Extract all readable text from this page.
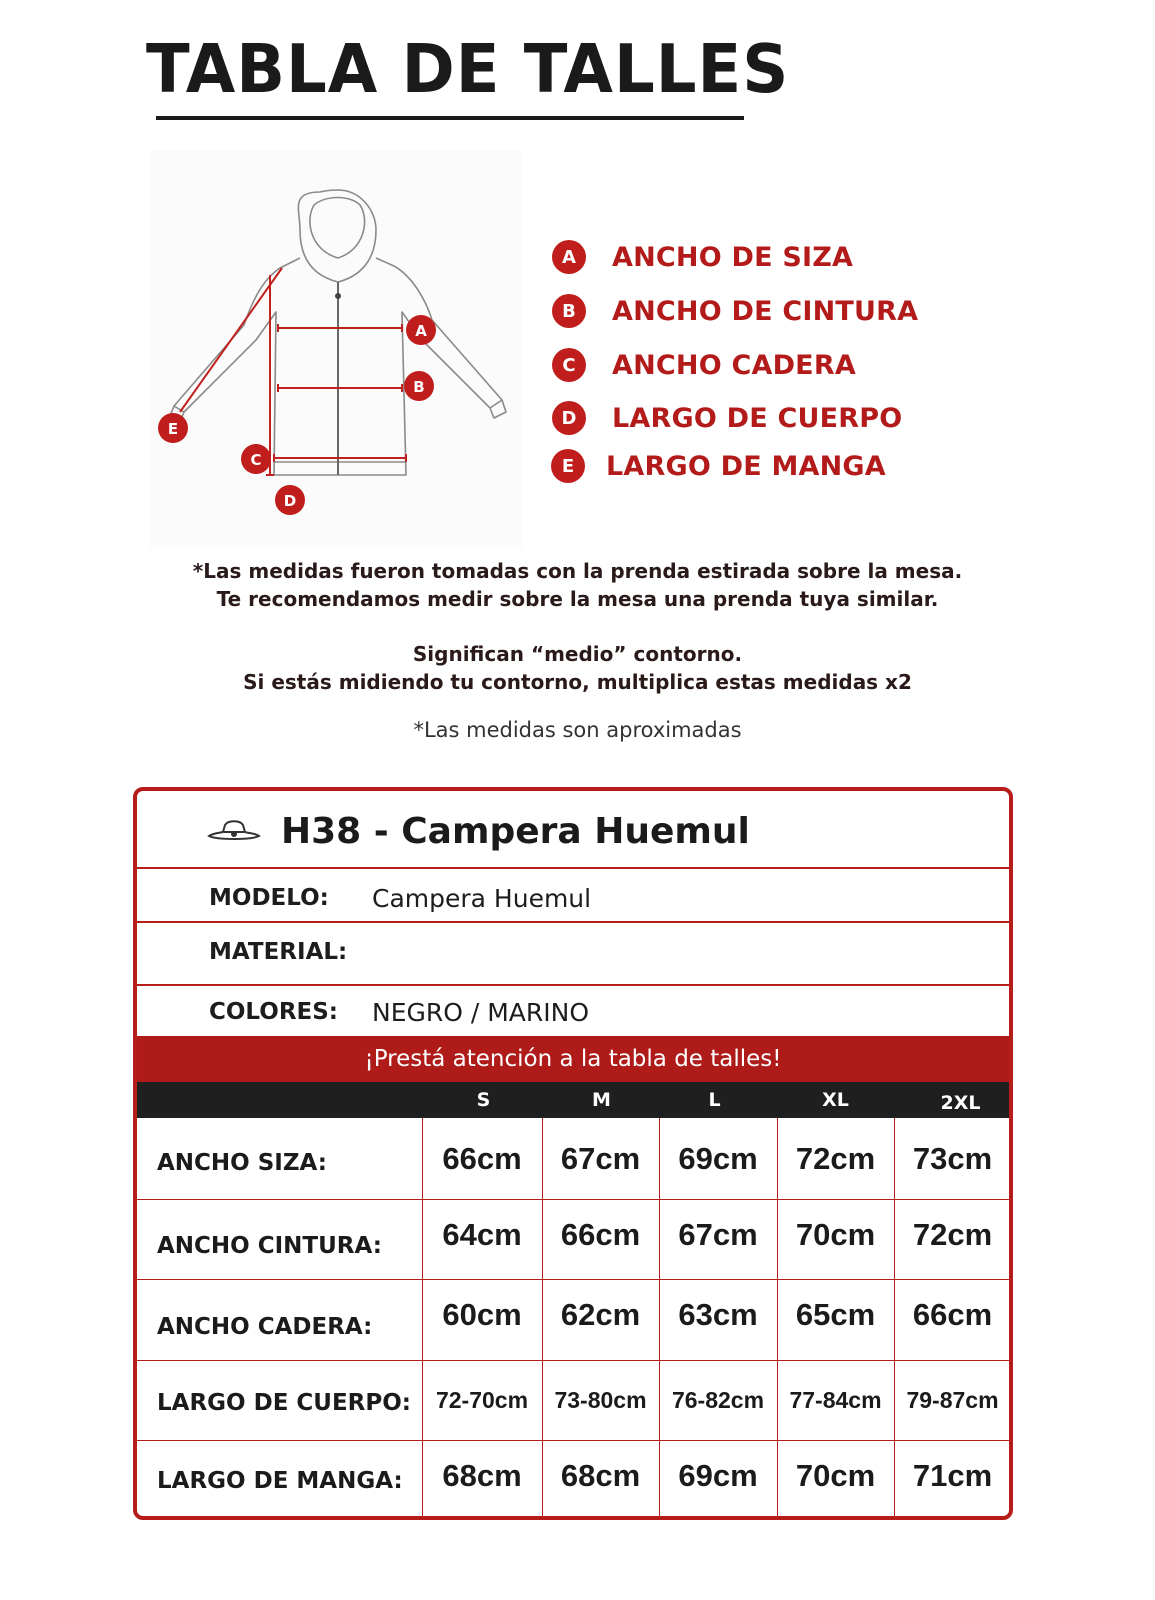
TABLA DE TALLES
A
B
C
D
E
A	ANCHO DE SIZA
B	ANCHO DE CINTURA
C	ANCHO CADERA
D	LARGO DE CUERPO
E	LARGO DE MANGA
*Las medidas fueron tomadas con la prenda estirada sobre la mesa.
Te recomendamos medir sobre la mesa una prenda tuya similar.
Significan “medio” contorno.
Si estás midiendo tu contorno, multiplica estas medidas x2
*Las medidas son aproximadas
H38 - Campera Huemul
MODELO:	Campera Huemul
MATERIAL:
COLORES:	NEGRO / MARINO
¡Prestá atención a la tabla de talles!
S	M	L	XL	2XL
ANCHO SIZA:	66cm	67cm	69cm	72cm	73cm
ANCHO CINTURA:	64cm	66cm	67cm	70cm	72cm
ANCHO CADERA:	60cm	62cm	63cm	65cm	66cm
LARGO DE CUERPO:	72-70cm	73-80cm	76-82cm	77-84cm	79-87cm
LARGO DE MANGA:	68cm	68cm	69cm	70cm	71cm
